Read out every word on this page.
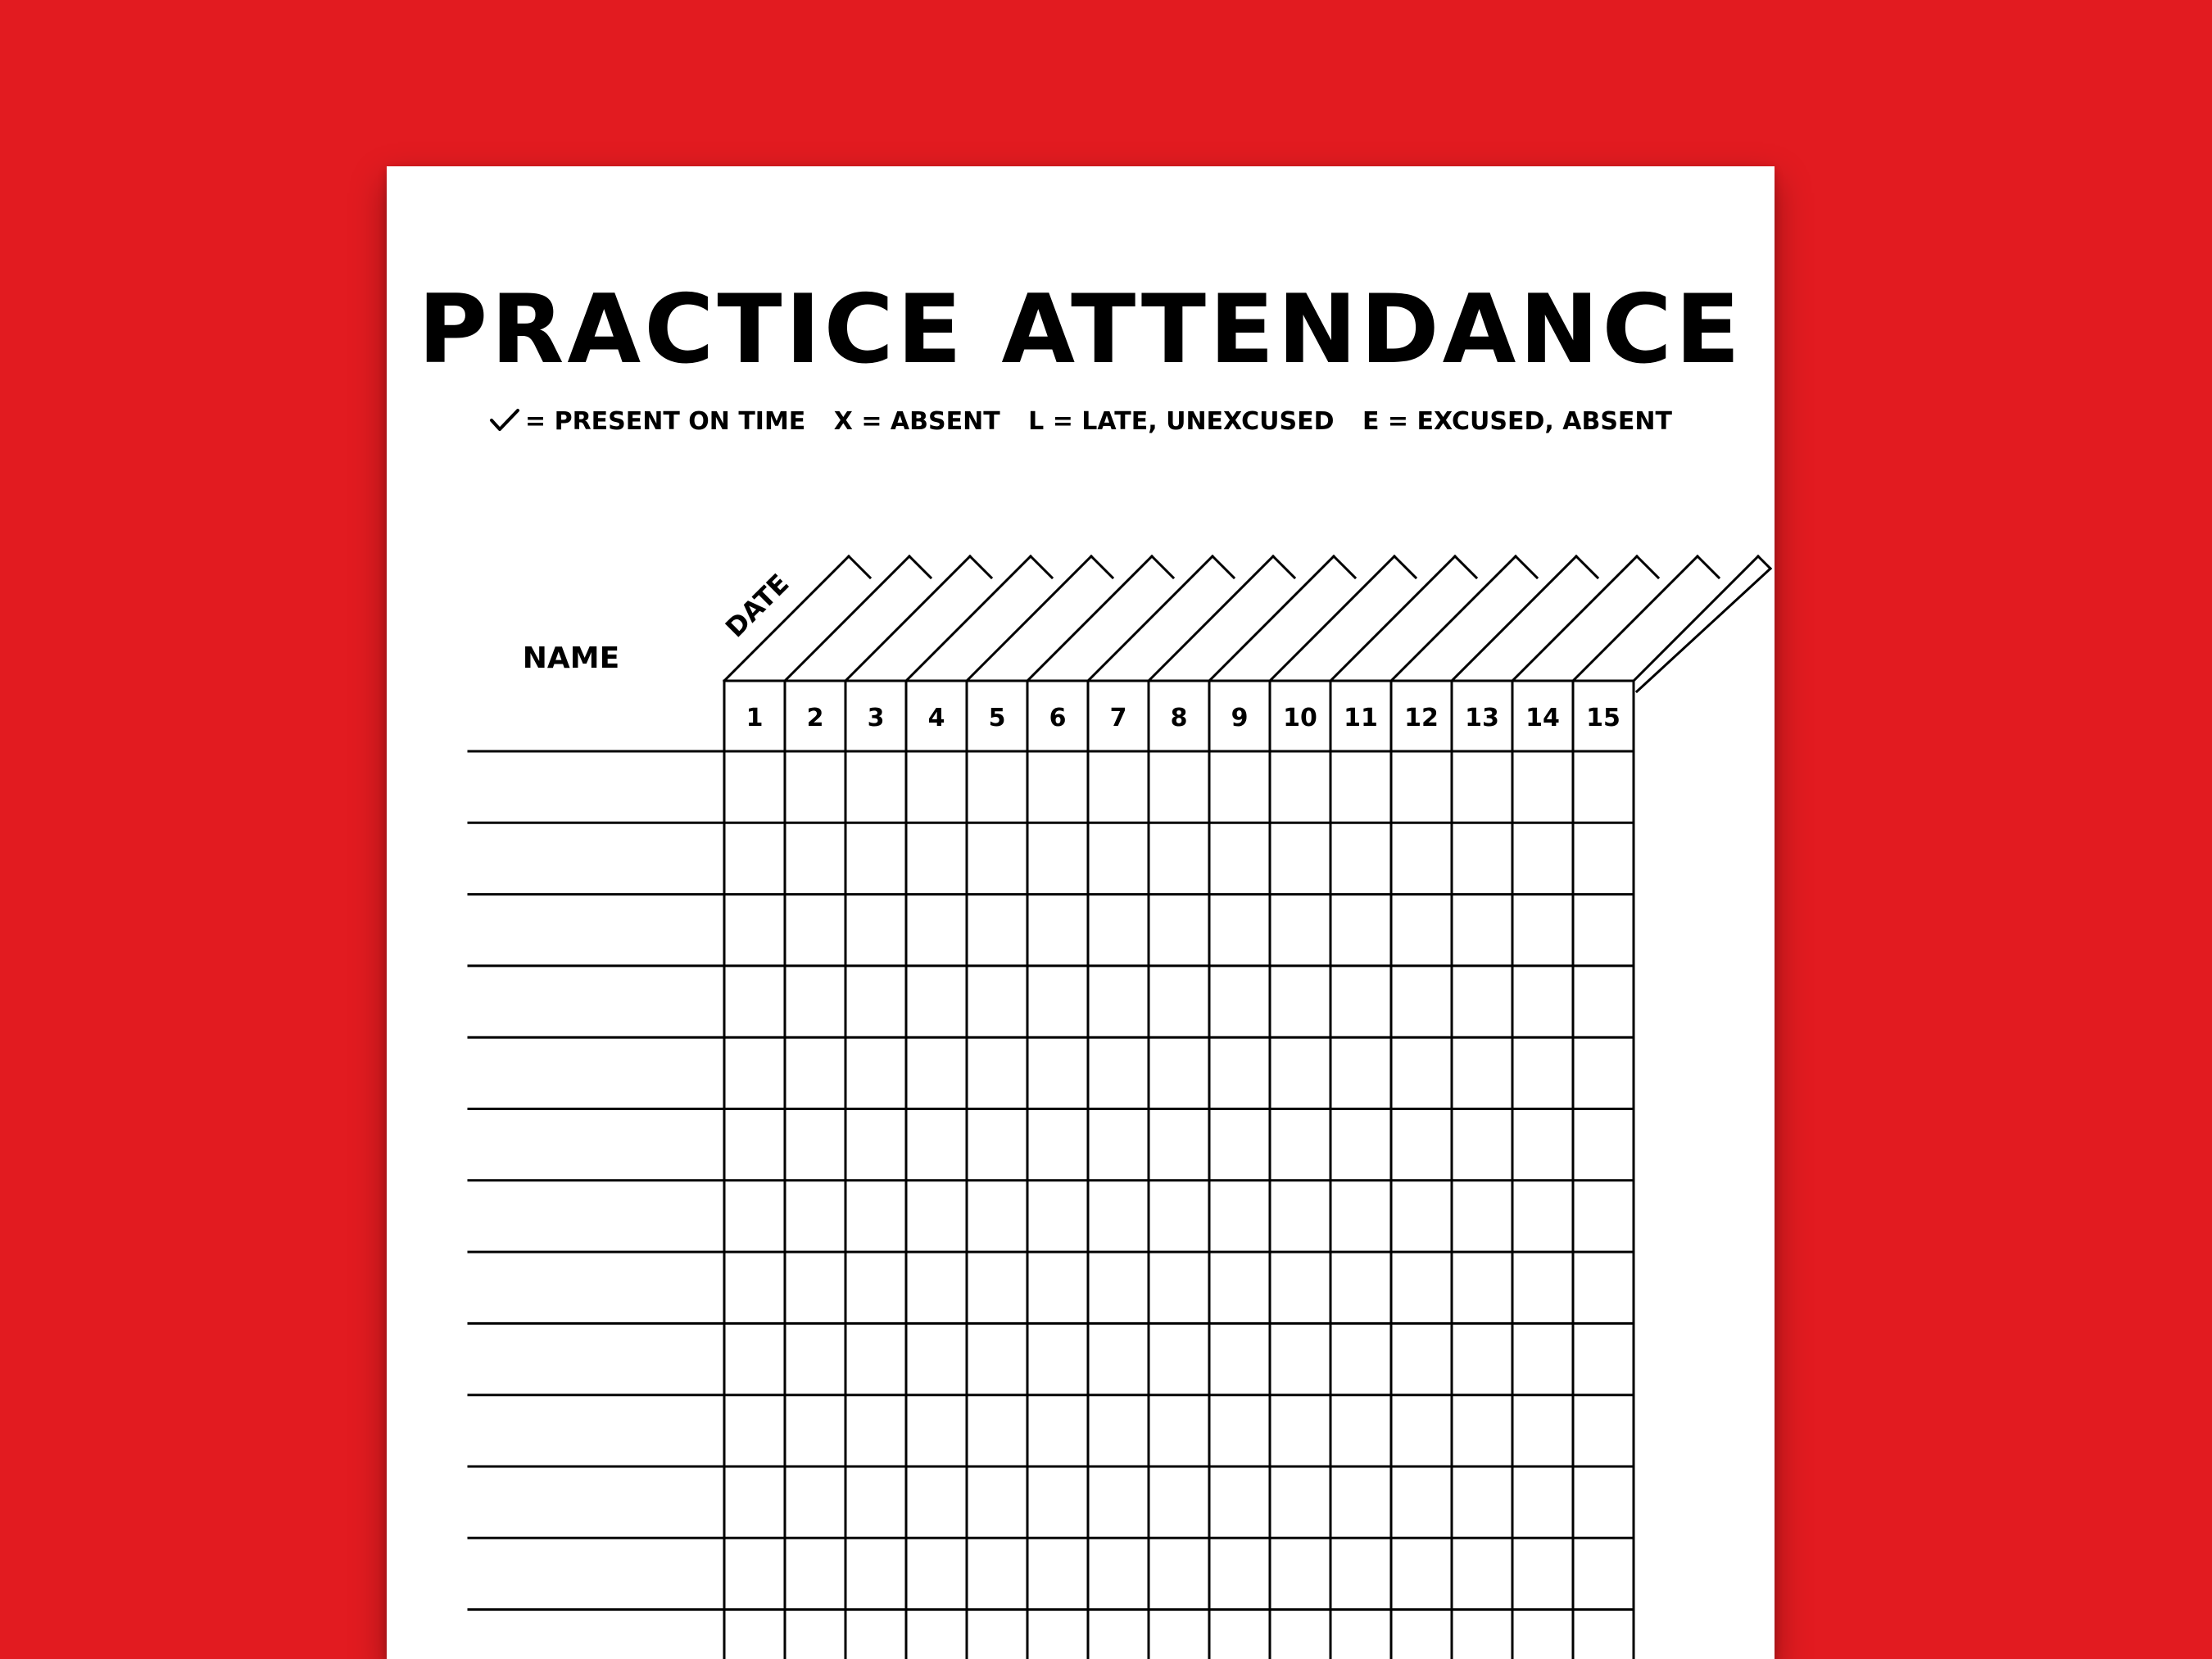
PRACTICE ATTENDANCE
= PRESENT ON TIME X = ABSENT L = LATE, UNEXCUSED E = EXCUSED, ABSENT
NAME
DATE
1 2 3 4 5 6 7 8 9 10 11 12 13 14 15
